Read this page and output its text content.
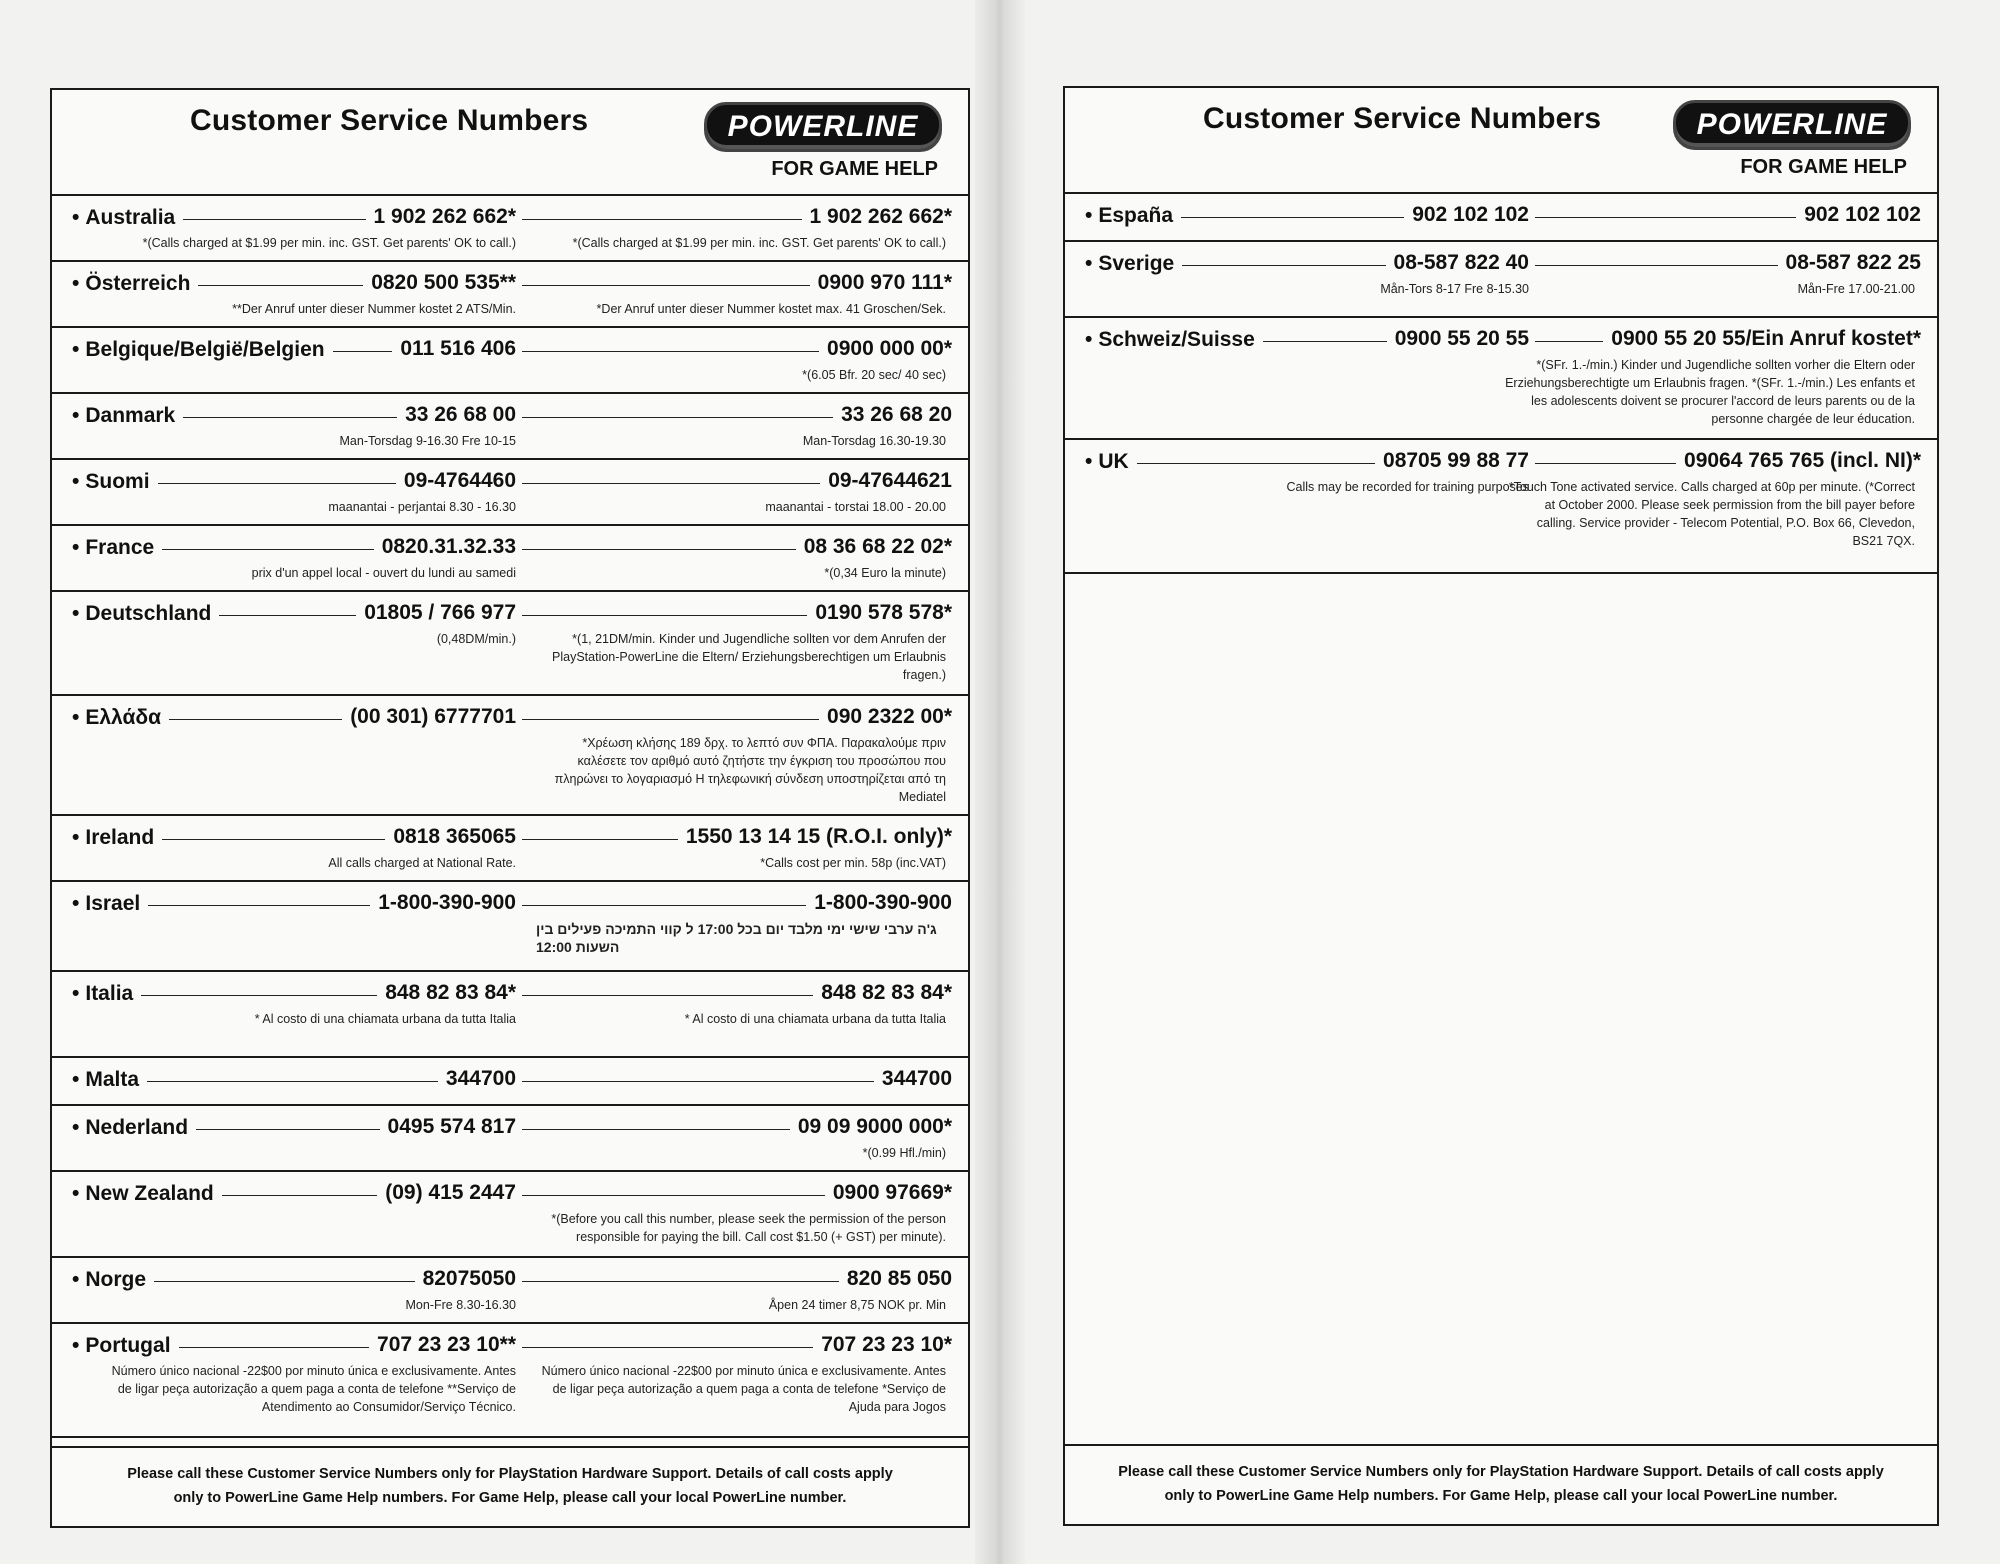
Customer Service Numbers	POWERLINE
FOR GAME HELP
• Australia	1 902 262 662*	1 902 262 662*
*(Calls charged at $1.99 per min. inc. GST. Get parents' OK to call.)	*(Calls charged at $1.99 per min. inc. GST. Get parents' OK to call.)
• Österreich	0820 500 535**	0900 970 111*
**Der Anruf unter dieser Nummer kostet 2 ATS/Min.	*Der Anruf unter dieser Nummer kostet max. 41 Groschen/Sek.
• Belgique/België/Belgien	011 516 406	0900 000 00*
*(6.05 Bfr. 20 sec/ 40 sec)
• Danmark	33 26 68 00	33 26 68 20
Man-Torsdag 9-16.30 Fre 10-15	Man-Torsdag 16.30-19.30
• Suomi	09-4764460	09-47644621
maanantai - perjantai 8.30 - 16.30	maanantai - torstai 18.00 - 20.00
• France	0820.31.32.33	08 36 68 22 02*
prix d'un appel local - ouvert du lundi au samedi	*(0,34 Euro la minute)
• Deutschland	01805 / 766 977	0190 578 578*
(0,48DM/min.)	*(1, 21DM/min. Kinder und Jugendliche sollten vor dem Anrufen der PlayStation-PowerLine die Eltern/ Erziehungsberechtigen um Erlaubnis fragen.)
• Ελλάδα	(00 301) 6777701	090 2322 00*
*Χρέωση κλήσης 189 δρχ. το λεπτό συν ΦΠΑ. Παρακαλούμε πριν καλέσετε τον αριθμό αυτό ζητήστε την έγκριση του προσώπου που πληρώνει το λογαριασμό Η τηλεφωνική σύνδεση υποστηρίζεται από τη Mediatel
• Ireland	0818 365065	1550 13 14 15 (R.O.I. only)*
All calls charged at National Rate.	*Calls cost per min. 58p (inc.VAT)
• Israel	1-800-390-900	1-800-390-900
ג'ה ערבי שישי ימי מלבד יום בכל 17:00 ל קווי התמיכה פעילים בין השעות 12:00
• Italia	848 82 83 84*	848 82 83 84*
* Al costo di una chiamata urbana da tutta Italia	* Al costo di una chiamata urbana da tutta Italia
• Malta	344700	344700
• Nederland	0495 574 817	09 09 9000 000*
*(0.99 Hfl./min)
• New Zealand	(09) 415 2447	0900 97669*
*(Before you call this number, please seek the permission of the person responsible for paying the bill. Call cost $1.50 (+ GST) per minute).
• Norge	82075050	820 85 050
Mon-Fre 8.30-16.30	Åpen 24 timer 8,75 NOK pr. Min
• Portugal	707 23 23 10**	707 23 23 10*
Número único nacional -22$00 por minuto única e exclusivamente. Antes de ligar peça autorização a quem paga a conta de telefone **Serviço de Atendimento ao Consumidor/Serviço Técnico.
Número único nacional -22$00 por minuto única e exclusivamente. Antes de ligar peça autorização a quem paga a conta de telefone *Serviço de Ajuda para Jogos

Please call these Customer Service Numbers only for PlayStation Hardware Support. Details of call costs apply

only to PowerLine Game Help numbers. For Game Help, please call your local PowerLine number.

Customer Service Numbers	POWERLINE
FOR GAME HELP
• España	902 102 102	902 102 102
• Sverige	08-587 822 40	08-587 822 25
Mån-Tors 8-17 Fre 8-15.30	Mån-Fre 17.00-21.00
• Schweiz/Suisse	0900 55 20 55	0900 55 20 55/Ein Anruf kostet*
*(SFr. 1.-/min.) Kinder und Jugendliche sollten vorher die Eltern oder Erziehungsberechtigte um Erlaubnis fragen. *(SFr. 1.-/min.) Les enfants et les adolescents doivent se procurer l'accord de leurs parents ou de la personne chargée de leur éducation.
• UK	08705 99 88 77	09064 765 765 (incl. NI)*
Calls may be recorded for training purposes
*Touch Tone activated service. Calls charged at 60p per minute. (*Correct at October 2000. Please seek permission from the bill payer before calling. Service provider - Telecom Potential, P.O. Box 66, Clevedon, BS21 7QX.

Please call these Customer Service Numbers only for PlayStation Hardware Support. Details of call costs apply

only to PowerLine Game Help numbers. For Game Help, please call your local PowerLine number.
